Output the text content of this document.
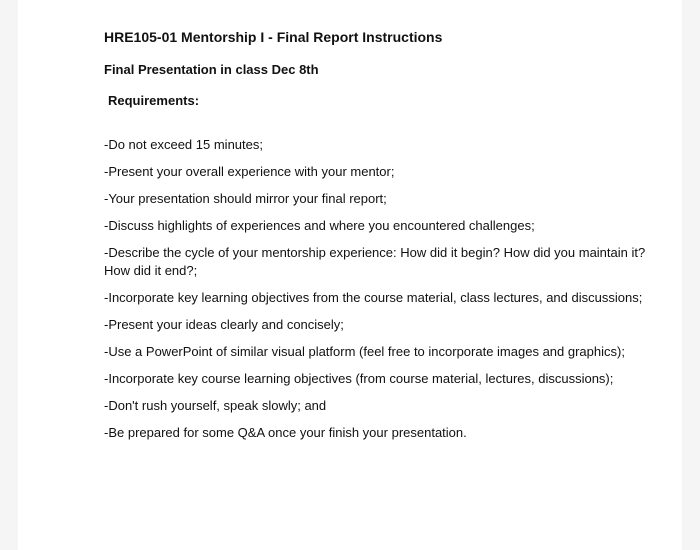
HRE105-01 Mentorship I - Final Report Instructions
Final Presentation in class Dec 8th
Requirements:
-Do not exceed 15 minutes;
-Present your overall experience with your mentor;
-Your presentation should mirror your final report;
-Discuss highlights of experiences and where you encountered challenges;
-Describe the cycle of your mentorship experience: How did it begin? How did you maintain it? How did it end?;
-Incorporate key learning objectives from the course material, class lectures, and discussions;
-Present your ideas clearly and concisely;
-Use a PowerPoint of similar visual platform (feel free to incorporate images and graphics);
-Incorporate key course learning objectives (from course material, lectures, discussions);
-Don't rush yourself, speak slowly; and
-Be prepared for some Q&A once your finish your presentation.
